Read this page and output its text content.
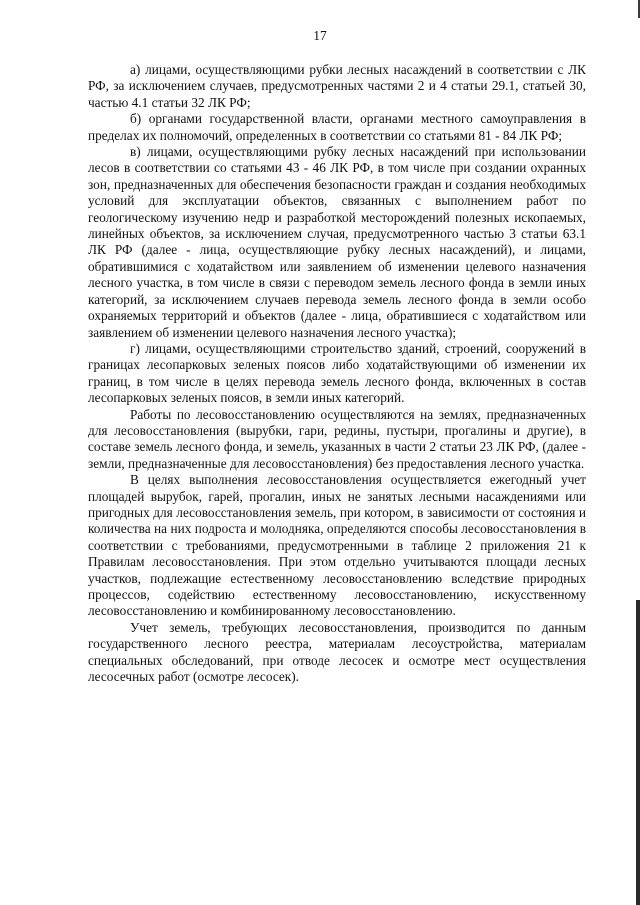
17

а) лицами, осуществляющими рубки лесных насаждений в соответствии с ЛК РФ, за исключением случаев, предусмотренных частями 2 и 4 статьи 29.1, статьей 30, частью 4.1 статьи 32 ЛК РФ;

б) органами государственной власти, органами местного самоуправления в пределах их полномочий, определенных в соответствии со статьями 81 - 84 ЛК РФ;

в) лицами, осуществляющими рубку лесных насаждений при использовании лесов в соответствии со статьями 43 - 46 ЛК РФ, в том числе при создании охранных зон, предназначенных для обеспечения безопасности граждан и создания необходимых условий для эксплуатации объектов, связанных с выполнением работ по геологическому изучению недр и разработкой месторождений полезных ископаемых, линейных объектов, за исключением случая, предусмотренного частью 3 статьи 63.1 ЛК РФ (далее - лица, осуществляющие рубку лесных насаждений), и лицами, обратившимися с ходатайством или заявлением об изменении целевого назначения лесного участка, в том числе в связи с переводом земель лесного фонда в земли иных категорий, за исключением случаев перевода земель лесного фонда в земли особо охраняемых территорий и объектов (далее - лица, обратившиеся с ходатайством или заявлением об изменении целевого назначения лесного участка);

г) лицами, осуществляющими строительство зданий, строений, сооружений в границах лесопарковых зеленых поясов либо ходатайствующими об изменении их границ, в том числе в целях перевода земель лесного фонда, включенных в состав лесопарковых зеленых поясов, в земли иных категорий.

Работы по лесовосстановлению осуществляются на землях, предназначенных для лесовосстановления (вырубки, гари, редины, пустыри, прогалины и другие), в составе земель лесного фонда, и земель, указанных в части 2 статьи 23 ЛК РФ, (далее - земли, предназначенные для лесовосстановления) без предоставления лесного участка.

В целях выполнения лесовосстановления осуществляется ежегодный учет площадей вырубок, гарей, прогалин, иных не занятых лесными насаждениями или пригодных для лесовосстановления земель, при котором, в зависимости от состояния и количества на них подроста и молодняка, определяются способы лесовосстановления в соответствии с требованиями, предусмотренными в таблице 2 приложения 21 к Правилам лесовосстановления. При этом отдельно учитываются площади лесных участков, подлежащие естественному лесовосстановлению вследствие природных процессов, содействию естественному лесовосстановлению, искусственному лесовосстановлению и комбинированному лесовосстановлению.

Учет земель, требующих лесовосстановления, производится по данным государственного лесного реестра, материалам лесоустройства, материалам специальных обследований, при отводе лесосек и осмотре мест осуществления лесосечных работ (осмотре лесосек).
